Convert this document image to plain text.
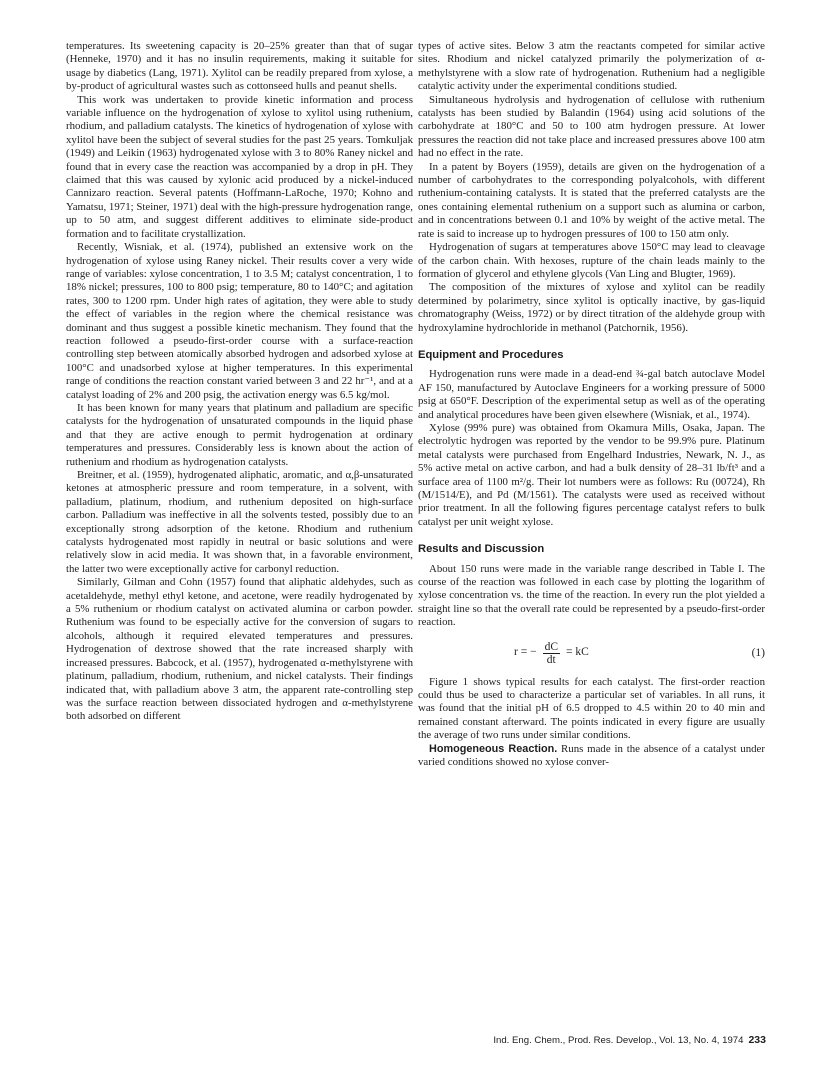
temperatures. Its sweetening capacity is 20–25% greater than that of sugar (Henneke, 1970) and it has no insulin requirements, making it suitable for usage by diabetics (Lang, 1971). Xylitol can be readily prepared from xylose, a by-product of agricultural wastes such as cottonseed hulls and peanut shells.

This work was undertaken to provide kinetic information and process variable influence on the hydrogenation of xylose to xylitol using ruthenium, rhodium, and palladium catalysts. The kinetics of hydrogenation of xylose with xylitol have been the subject of several studies for the past 25 years. Tomkuljak (1949) and Leikin (1963) hydrogenated xylose with 3 to 80% Raney nickel and found that in every case the reaction was accompanied by a drop in pH. They claimed that this was caused by xylonic acid produced by a nickel-induced Cannizaro reaction. Several patents (Hoffmann-LaRoche, 1970; Kohno and Yamatsu, 1971; Steiner, 1971) deal with the high-pressure hydrogenation range, up to 50 atm, and suggest different additives to eliminate side-product formation and to facilitate crystallization.

Recently, Wisniak, et al. (1974), published an extensive work on the hydrogenation of xylose using Raney nickel. Their results cover a very wide range of variables: xylose concentration, 1 to 3.5 M; catalyst concentration, 1 to 18% nickel; pressures, 100 to 800 psig; temperature, 80 to 140°C; and agitation rates, 300 to 1200 rpm. Under high rates of agitation, they were able to study the effect of variables in the region where the chemical resistance was dominant and thus suggest a possible kinetic mechanism. They found that the reaction followed a pseudo-first-order course with a surface-reaction controlling step between atomically absorbed hydrogen and adsorbed xylose at 100°C and unadsorbed xylose at higher temperatures. In this experimental range of conditions the reaction constant varied between 3 and 22 hr⁻¹, and at a catalyst loading of 2% and 200 psig, the activation energy was 6.5 kg/mol.

It has been known for many years that platinum and palladium are specific catalysts for the hydrogenation of unsaturated compounds in the liquid phase and that they are active enough to permit hydrogenation at ordinary temperatures and pressures. Considerably less is known about the action of ruthenium and rhodium as hydrogenation catalysts.

Breitner, et al. (1959), hydrogenated aliphatic, aromatic, and α,β-unsaturated ketones at atmospheric pressure and room temperature, in a solvent, with palladium, platinum, rhodium, and ruthenium deposited on high-surface carbon. Palladium was ineffective in all the solvents tested, possibly due to an exceptionally strong adsorption of the ketone. Rhodium and ruthenium catalysts hydrogenated most rapidly in neutral or basic solutions and were relatively slow in acid media. It was shown that, in a favorable environment, the latter two were exceptionally active for carbonyl reduction.

Similarly, Gilman and Cohn (1957) found that aliphatic aldehydes, such as acetaldehyde, methyl ethyl ketone, and acetone, were readily hydrogenated by a 5% ruthenium or rhodium catalyst on activated alumina or carbon powder. Ruthenium was found to be especially active for the conversion of sugars to alcohols, although it required elevated temperatures and pressures. Hydrogenation of dextrose showed that the rate increased sharply with increased pressures. Babcock, et al. (1957), hydrogenated α-methylstyrene with platinum, palladium, rhodium, ruthenium, and nickel catalysts. Their findings indicated that, with palladium above 3 atm, the apparent rate-controlling step was the surface reaction between dissociated hydrogen and α-methylstyrene both adsorbed on different

types of active sites. Below 3 atm the reactants competed for similar active sites. Rhodium and nickel catalyzed primarily the polymerization of α-methylstyrene with a slow rate of hydrogenation. Ruthenium had a negligible catalytic activity under the experimental conditions studied.

Simultaneous hydrolysis and hydrogenation of cellulose with ruthenium catalysts has been studied by Balandin (1964) using acid solutions of the carbohydrate at 180°C and 50 to 100 atm hydrogen pressure. At lower pressures the reaction did not take place and increased pressures above 100 atm had no effect in the rate.

In a patent by Boyers (1959), details are given on the hydrogenation of a number of carbohydrates to the corresponding polyalcohols, with different ruthenium-containing catalysts. It is stated that the preferred catalysts are the ones containing elemental ruthenium on a support such as alumina or carbon, and in concentrations between 0.1 and 10% by weight of the active metal. The rate is said to increase up to hydrogen pressures of 100 to 150 atm only.

Hydrogenation of sugars at temperatures above 150°C may lead to cleavage of the carbon chain. With hexoses, rupture of the chain leads mainly to the formation of glycerol and ethylene glycols (Van Ling and Blugter, 1969).

The composition of the mixtures of xylose and xylitol can be readily determined by polarimetry, since xylitol is optically inactive, by gas-liquid chromatography (Weiss, 1972) or by direct titration of the aldehyde group with hydroxylamine hydrochloride in methanol (Patchornik, 1956).

Equipment and Procedures

Hydrogenation runs were made in a dead-end ¾-gal batch autoclave Model AF 150, manufactured by Autoclave Engineers for a working pressure of 5000 psig at 650°F. Description of the experimental setup as well as of the operating and analytical procedures have been given elsewhere (Wisniak, et al., 1974).

Xylose (99% pure) was obtained from Okamura Mills, Osaka, Japan. The electrolytic hydrogen was reported by the vendor to be 99.9% pure. Platinum metal catalysts were purchased from Engelhard Industries, Newark, N. J., as 5% active metal on active carbon, and had a bulk density of 28–31 lb/ft³ and a surface area of 1100 m²/g. Their lot numbers were as follows: Ru (00724), Rh (M/1514/E), and Pd (M/1561). The catalysts were used as received without prior treatment. In all the following figures percentage catalyst refers to bulk catalyst per unit weight xylose.

Results and Discussion

About 150 runs were made in the variable range described in Table I. The course of the reaction was followed in each case by plotting the logarithm of xylose concentration vs. the time of the reaction. In every run the plot yielded a straight line so that the overall rate could be represented by a pseudo-first-order reaction.

r = − $\frac{dC}{dt}$ = kC	(1)

Figure 1 shows typical results for each catalyst. The first-order reaction could thus be used to characterize a particular set of variables. In all runs, it was found that the initial pH of 6.5 dropped to 4.5 within 20 to 40 min and remained constant afterward. The points indicated in every figure are usually the average of two runs under similar conditions.

Homogeneous Reaction. Runs made in the absence of a catalyst under varied conditions showed no xylose conver-

Ind. Eng. Chem., Prod. Res. Develop., Vol. 13, No. 4, 1974 233
